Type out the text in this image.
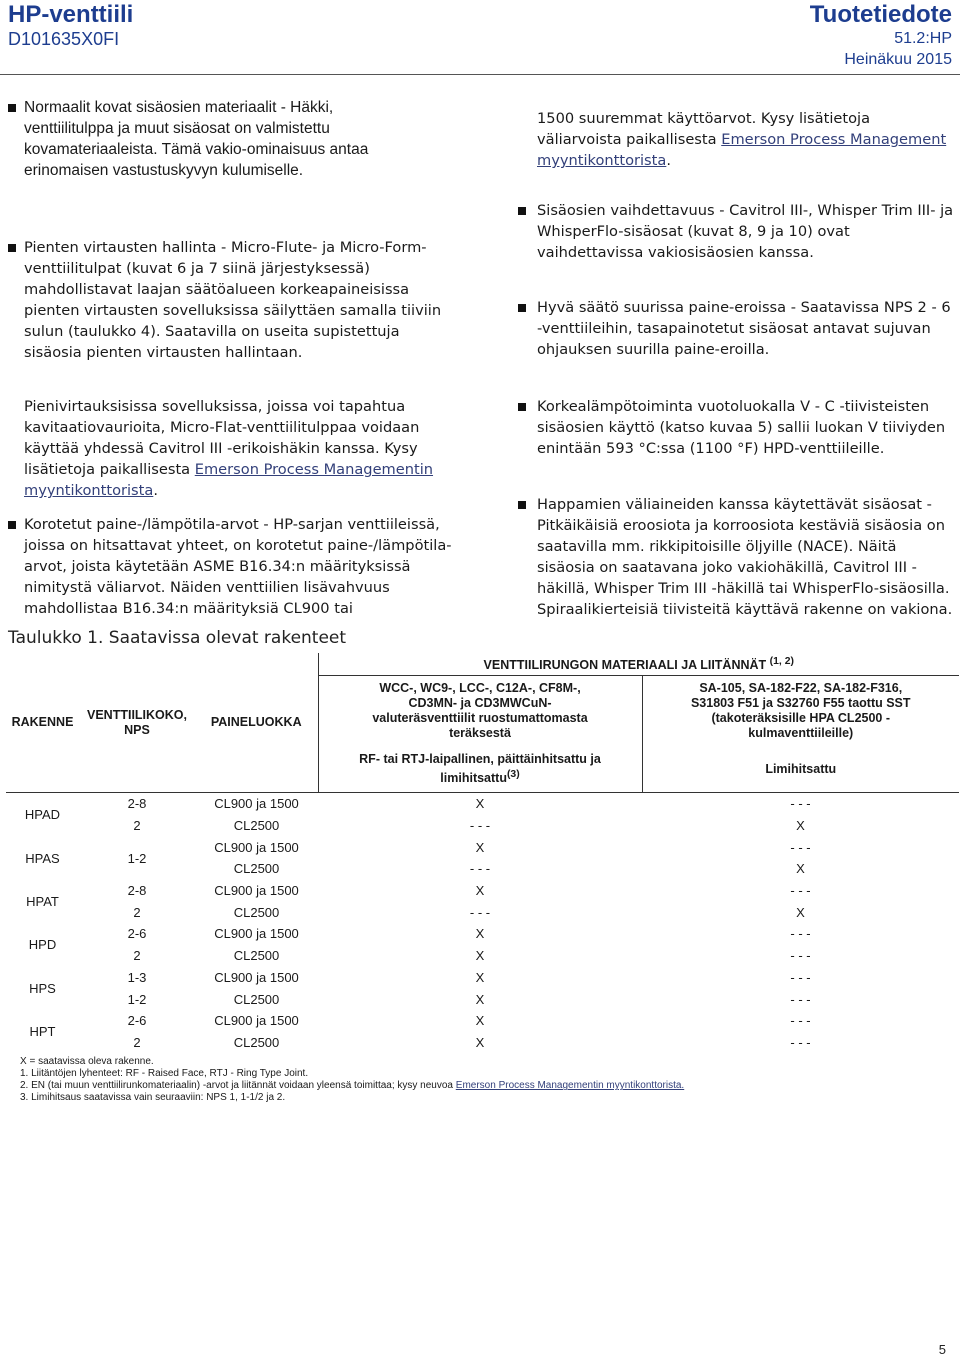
HP-venttiili
D101635X0FI
Tuotetiedote
51.2:HP
Heinäkuu 2015
Normaalit kovat sisäosien materiaalit - Häkki, venttiilitulppa ja muut sisäosat on valmistettu kovamateriaaleista. Tämä vakio-ominaisuus antaa erinomaisen vastustuskyvyn kulumiselle.
Pienten virtausten hallinta - Micro-Flute- ja Micro-Form-venttiilitulpat (kuvat 6 ja 7 siinä järjestyksessä) mahdollistavat laajan säätöalueen korkeapaineisissa pienten virtausten sovelluksissa säilyttäen samalla tiiviin sulun (taulukko 4). Saatavilla on useita supistettuja sisäosia pienten virtausten hallintaan.
Pienivirtauksisissa sovelluksissa, joissa voi tapahtua kavitaatiovaurioita, Micro-Flat-venttiilitulppaa voidaan käyttää yhdessä Cavitrol III -erikoishäkin kanssa. Kysy lisätietoja paikallisesta Emerson Process Managementin myyntikonttorista.
Korotetut paine-/lämpötila-arvot - HP-sarjan venttiileissä, joissa on hitsattavat yhteet, on korotetut paine-/lämpötila-arvot, joista käytetään ASME B16.34:n määrityksissä nimitystä väliarvot. Näiden venttiilien lisävahvuus mahdollistaa B16.34:n määrityksiä CL900 tai
1500 suuremmat käyttöarvot. Kysy lisätietoja väliarvoista paikallisesta Emerson Process Management myyntikonttorista.
Sisäosien vaihdettavuus - Cavitrol III-, Whisper Trim III- ja WhisperFlo-sisäosat (kuvat 8, 9 ja 10) ovat vaihdettavissa vakiosisäosien kanssa.
Hyvä säätö suurissa paine-eroissa - Saatavissa NPS 2 - 6 -venttiileihin, tasapainotetut sisäosat antavat sujuvan ohjauksen suurilla paine-eroilla.
Korkealämpötoiminta vuotoluokalla V - C -tiivisteisten sisäosien käyttö (katso kuvaa 5) sallii luokan V tiiviyden enintään 593 °C:ssa (1100 °F) HPD-venttiileille.
Happamien väliaineiden kanssa käytettävät sisäosat - Pitkäikäisiä eroosiota ja korroosiota kestäviä sisäosia on saatavilla mm. rikkipitoisille öljyille (NACE). Näitä sisäosia on saatavana joko vakiohäkillä, Cavitrol III -häkillä, Whisper Trim III -häkillä tai WhisperFlo-sisäosilla. Spiraalikierteisiä tiivisteitä käyttävä rakenne on vakiona.
Taulukko 1. Saatavissa olevat rakenteet
RAKENNE	VENTTIILIKOKO, NPS	PAINELUOKKA	VENTTIILIRUNGON MATERIAALI JA LIITÄNNÄT $^{(1, 2)}$
			WCC-, WC9-, LCC-, C12A-, CF8M-, CD3MN- ja CD3MWCuN-valuteräsventtiilit ruostumattomasta teräksestä	SA-105, SA-182-F22, SA-182-F316, S31803 F51 ja S32760 F55 taottu SST (takoteräksisille HPA CL2500 -kulmaventtiileille)
			RF- tai RTJ-laipallinen, päittäinhitsattu ja limihitsattu$^{(3)}$	Limihitsattu
HPAD	2-8	CL900 ja 1500	X	- - -
	2	CL2500	- - -	X
HPAS	1-2	CL900 ja 1500	X	- - -
		CL2500	- - -	X
HPAT	2-8	CL900 ja 1500	X	- - -
	2	CL2500	- - -	X
HPD	2-6	CL900 ja 1500	X	- - -
	2	CL2500	X	- - -
HPS	1-3	CL900 ja 1500	X	- - -
	1-2	CL2500	X	- - -
HPT	2-6	CL900 ja 1500	X	- - -
	2	CL2500	X	- - -

X = saatavissa oleva rakenne.
1. Liitäntöjen lyhenteet: RF - Raised Face, RTJ - Ring Type Joint.
2. EN (tai muun venttiilirunkomateriaalin) -arvot ja liitännät voidaan yleensä toimittaa; kysy neuvoa Emerson Process Managementin myyntikonttorista.
3. Limihitsaus saatavissa vain seuraaviin: NPS 1, 1-1/2 ja 2.				
5
